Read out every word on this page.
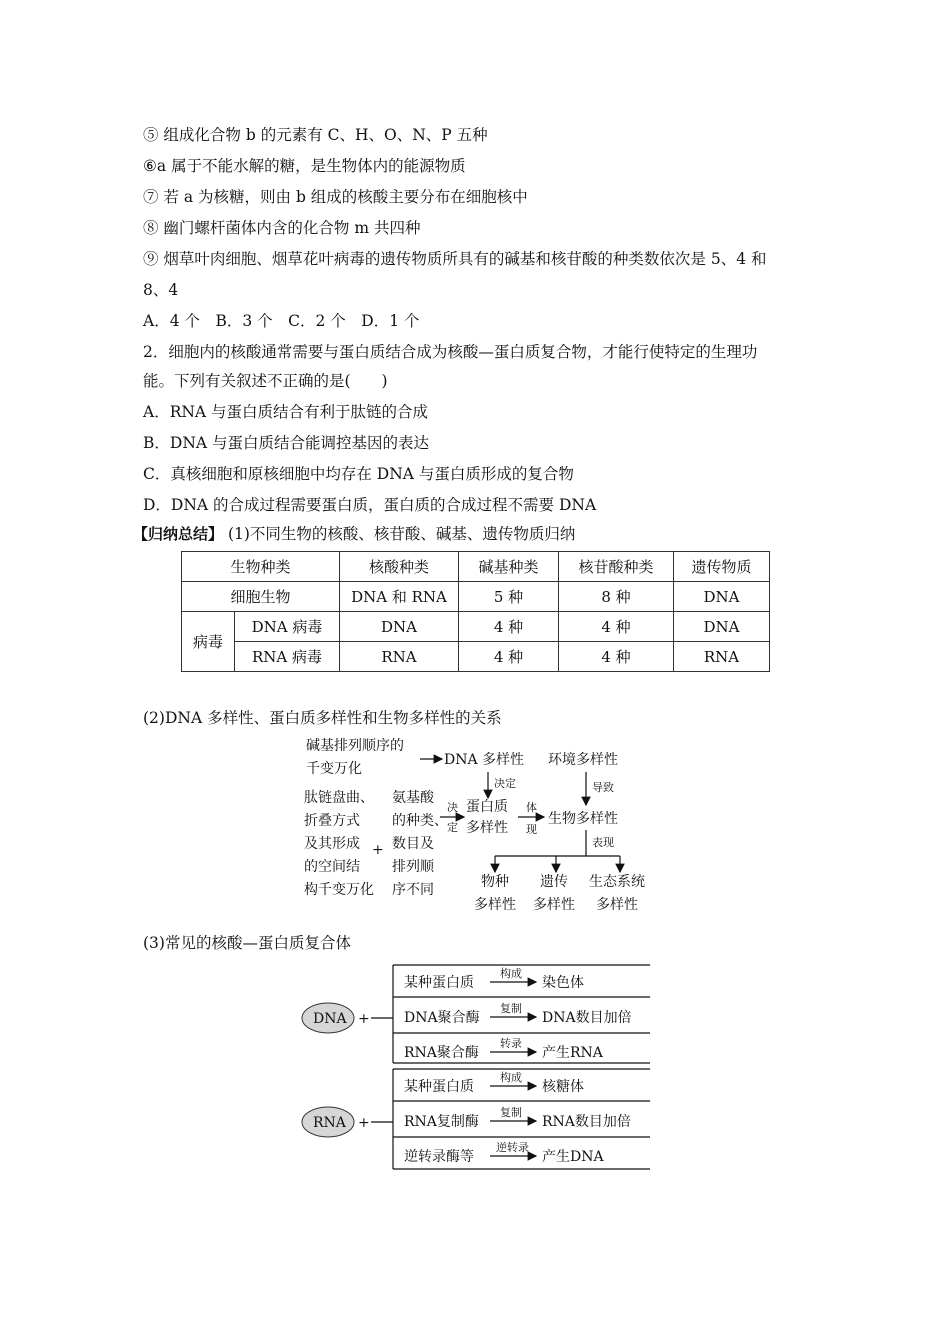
⑤ 组成化合物 b 的元素有 C、H、O、N、P 五种
⑥a 属于不能水解的糖，是生物体内的能源物质
⑦ 若 a 为核糖，则由 b 组成的核酸主要分布在细胞核中
⑧ 幽门螺杆菌体内含的化合物 m 共四种
⑨ 烟草叶肉细胞、烟草花叶病毒的遗传物质所具有的碱基和核苷酸的种类数依次是 5、4 和
8、4
A．4 个　B．3 个　C．2 个　D．1 个
2．细胞内的核酸通常需要与蛋白质结合成为核酸—蛋白质复合物，才能行使特定的生理功
能。下列有关叙述不正确的是(　　)
A．RNA 与蛋白质结合有利于肽链的合成
B．DNA 与蛋白质结合能调控基因的表达
C．真核细胞和原核细胞中均存在 DNA 与蛋白质形成的复合物
D．DNA 的合成过程需要蛋白质，蛋白质的合成过程不需要 DNA
【归纳总结】 (1)不同生物的核酸、核苷酸、碱基、遗传物质归纳
生物种类		核酸种类	碱基种类	核苷酸种类	遗传物质
细胞生物		DNA 和 RNA	5 种	8 种	DNA
病毒	DNA 病毒	DNA	4 种	4 种	DNA
	RNA 病毒	RNA	4 种	4 种	RNA
(2)DNA 多样性、蛋白质多样性和生物多样性的关系
碱基排列顺序的
千变万化
DNA 多样性 环境多样性
决定	导致
肽链盘曲、
折叠方式
及其形成
的空间结
构千变万化
+
氨基酸
的种类、
数目及
排列顺
序不同
决
定
蛋白质
多样性
体
现
生物多样性
表现
物种
多样性
遗传
多样性
生态系统
多样性
(3)常见的核酸—蛋白质复合体
DNA +
某种蛋白质
构成
染色体
DNA聚合酶
复制
DNA数目加倍
RNA聚合酶
转录
产生RNA
RNA +
某种蛋白质
构成
核糖体
RNA复制酶
复制
RNA数目加倍
逆转录酶等
逆转录
产生DNA
